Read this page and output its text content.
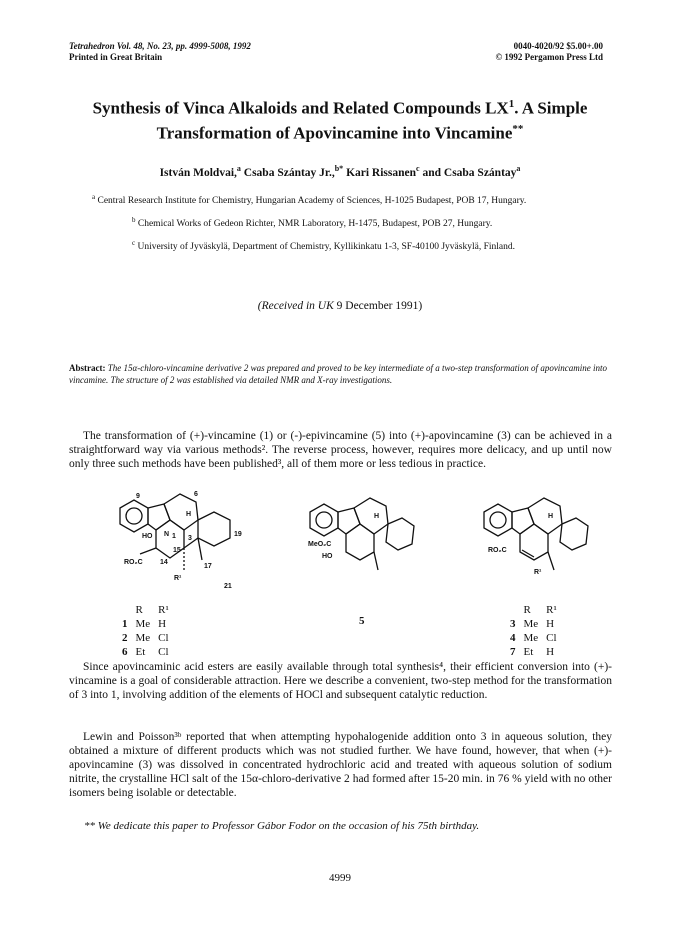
Tetrahedron Vol. 48, No. 23, pp. 4999-5008, 1992
Printed in Great Britain
0040-4020/92 $5.00+.00
© 1992 Pergamon Press Ltd
Synthesis of Vinca Alkaloids and Related Compounds $LX^1$. A Simple
Transformation of Apovincamine into Vincamine**
István Moldvai,$^a$ Csaba Szántay Jr.,$^{b*}$ Kari Rissanen$^c$ and Csaba Szántay$^a$
$^a$ Central Research Institute for Chemistry, Hungarian Academy of Sciences, H-1025 Budapest, POB 17, Hungary.
$^b$ Chemical Works of Gedeon Richter, NMR Laboratory, H-1475, Budapest, POB 27, Hungary.
$^c$ University of Jyväskylä, Department of Chemistry, Kyllikinkatu 1-3, SF-40100 Jyväskylä, Finland.
(Received in UK 9 December 1991)
Abstract: The 15α-chloro-vincamine derivative 2 was prepared and proved to be key intermediate of a two-step transformation of apovincamine into vincamine. The structure of 2 was established via detailed NMR and X-ray investigations.
The transformation of (+)-vincamine (1) or (-)-epivincamine (5) into (+)-apovincamine (3) can be achieved in a straightforward way via various methods². The reverse process, however, requires more delicacy, and up until now only three such methods have been published³, all of them more or less tedious in practice.
9	6
H
HO N 1 3
15
14
RO₂C
R¹
17
19
21
H
MeO₂C
HO
H
RO₂C
R¹
	R	R¹
1	Me	H
2	Me	Cl
6	Et	Cl
5
	R	R¹
3	Me	H
4	Me	Cl
7	Et	H
Since apovincaminic acid esters are easily available through total synthesis⁴, their efficient conversion into (+)-vincamine is a goal of considerable attraction. Here we describe a convenient, two-step method for the transformation of 3 into 1, involving addition of the elements of HOCl and subsequent catalytic reduction.
Lewin and Poisson³ᵇ reported that when attempting hypohalogenide addition onto 3 in aqueous solution, they obtained a mixture of different products which was not studied further. We have found, however, that when (+)-apovincamine (3) was dissolved in concentrated hydrochloric acid and treated with aqueous solution of sodium nitrite, the crystalline HCl salt of the 15α-chloro-derivative 2 had formed after 15-20 min. in 76 % yield with no other isomers being isolable or detectable.
** We dedicate this paper to Professor Gábor Fodor on the occasion of his 75th birthday.
4999
